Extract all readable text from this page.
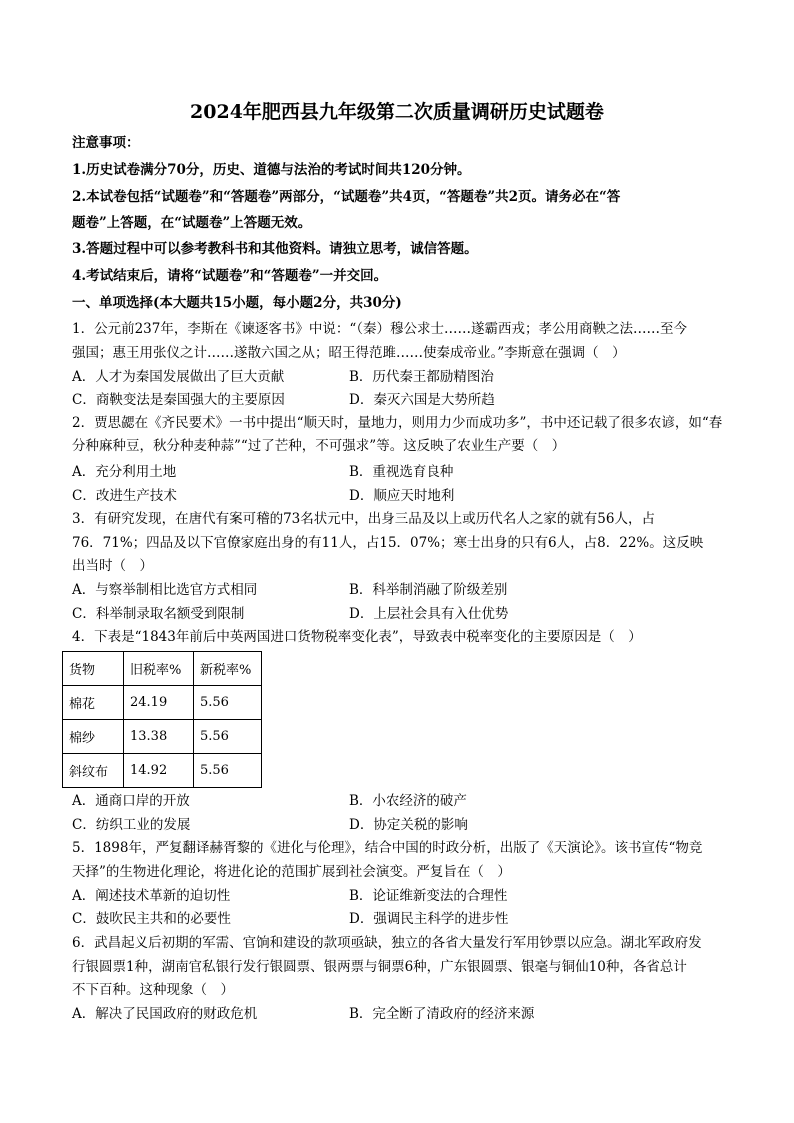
2024年肥西县九年级第二次质量调研历史试题卷
注意事项：
1.历史试卷满分70分，历史、道德与法治的考试时间共120分钟。
2.本试卷包括“试题卷”和“答题卷”两部分，“试题卷”共4页，“答题卷”共2页。请务必在“答
题卷”上答题，在“试题卷”上答题无效。
3.答题过程中可以参考教科书和其他资料。请独立思考，诚信答题。
4.考试结束后，请将“试题卷”和“答题卷”一并交回。
一、单项选择(本大题共15小题，每小题2分，共30分)
1．公元前237年，李斯在《谏逐客书》中说：“（秦）穆公求士……遂霸西戎；孝公用商鞅之法……至今
强国；惠王用张仪之计……遂散六国之从；昭王得范雎……使秦成帝业。”李斯意在强调（　）
A．人才为秦国发展做出了巨大贡献	B．历代秦王都励精图治
C．商鞅变法是秦国强大的主要原因	D．秦灭六国是大势所趋
2．贾思勰在《齐民要术》一书中提出“顺天时，量地力，则用力少而成功多”，书中还记载了很多农谚，如“春
分种麻种豆，秋分种麦种蒜”“过了芒种，不可强求”等。这反映了农业生产要（　）
A．充分利用土地	B．重视选育良种
C．改进生产技术	D．顺应天时地利
3．有研究发现，在唐代有案可稽的73名状元中，出身三品及以上或历代名人之家的就有56人，占
76．71%；四品及以下官僚家庭出身的有11人，占15．07%；寒士出身的只有6人，占8．22%。这反映
出当时（　）
A．与察举制相比选官方式相同	B．科举制消融了阶级差别
C．科举制录取名额受到限制	D．上层社会具有入仕优势
4．下表是“1843年前后中英两国进口货物税率变化表”，导致表中税率变化的主要原因是（　）
货物	旧税率%	新税率%
棉花	24.19	5.56
棉纱	13.38	5.56
斜纹布	14.92	5.56
A．通商口岸的开放	B．小农经济的破产
C．纺织工业的发展	D．协定关税的影响
5．1898年，严复翻译赫胥黎的《进化与伦理》，结合中国的时政分析，出版了《天演论》。该书宣传“物竞
天择”的生物进化理论，将进化论的范围扩展到社会演变。严复旨在（　）
A．阐述技术革新的迫切性	B．论证维新变法的合理性
C．鼓吹民主共和的必要性	D．强调民主科学的进步性
6．武昌起义后初期的军需、官饷和建设的款项亟缺，独立的各省大量发行军用钞票以应急。湖北军政府发
行银圆票1种，湖南官私银行发行银圆票、银两票与铜票6种，广东银圆票、银毫与铜仙10种，各省总计
不下百种。这种现象（　）
A．解决了民国政府的财政危机	B．完全断了清政府的经济来源
